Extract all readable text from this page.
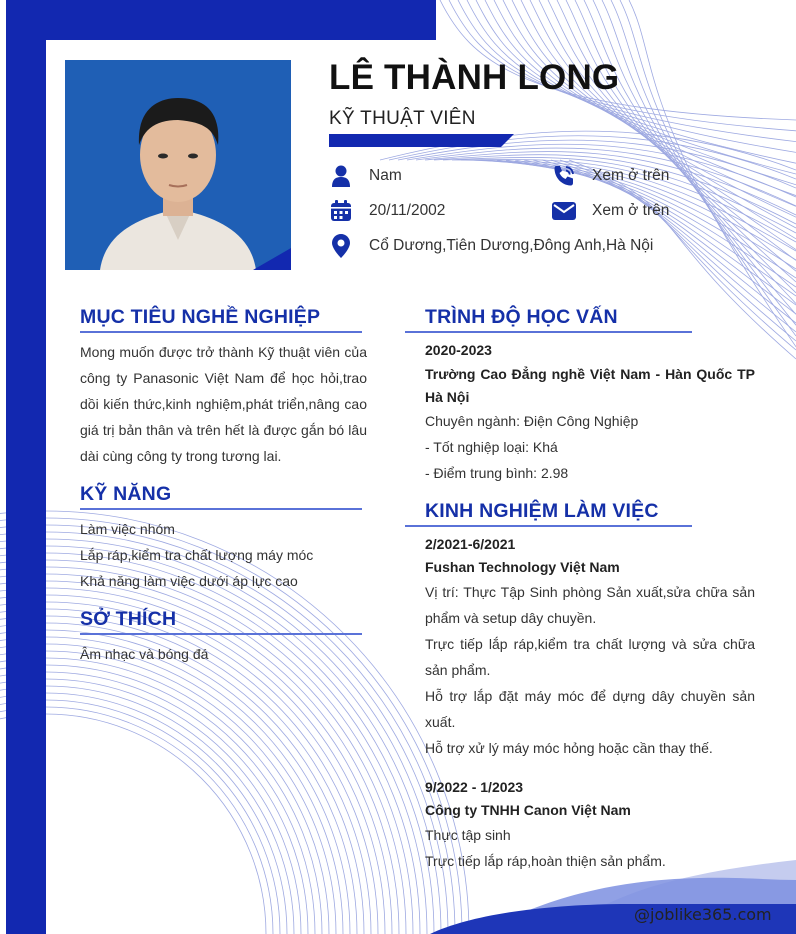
LÊ THÀNH LONG
KỸ THUẬT VIÊN
Nam
20/11/2002
Cổ Dương,Tiên Dương,Đông Anh,Hà Nội
Xem ở trên
Xem ở trên
MỤC TIÊU NGHỀ NGHIỆP
Mong muốn được trở thành Kỹ thuật viên của công ty Panasonic Việt Nam để học hỏi,trao dồi kiến thức,kinh nghiệm,phát triển,nâng cao giá trị bản thân và trên hết là được gắn bó lâu dài cùng công ty trong tương lai.
KỸ NĂNG
Làm việc nhóm
Lắp ráp,kiểm tra chất lượng máy móc
Khả năng làm việc dưới áp lực cao
SỞ THÍCH
Âm nhạc và bóng đá
TRÌNH ĐỘ HỌC VẤN
2020-2023
Trường Cao Đẳng nghề Việt Nam - Hàn Quốc TP Hà Nội
Chuyên ngành: Điện Công Nghiệp
- Tốt nghiệp loại: Khá
- Điểm trung bình: 2.98
KINH NGHIỆM LÀM VIỆC
2/2021-6/2021
Fushan Technology Việt Nam
Vị trí: Thực Tập Sinh phòng Sản xuất,sửa chữa sản phẩm và setup dây chuyền.
Trực tiếp lắp ráp,kiểm tra chất lượng và sửa chữa sản phẩm.
Hỗ trợ lắp đặt máy móc để dựng dây chuyền sản xuất.
Hỗ trợ xử lý máy móc hỏng hoặc cần thay thế.
9/2022 - 1/2023
Công ty TNHH Canon Việt Nam
Thực tập sinh
Trực tiếp lắp ráp,hoàn thiện sản phẩm.
@joblike365.com
